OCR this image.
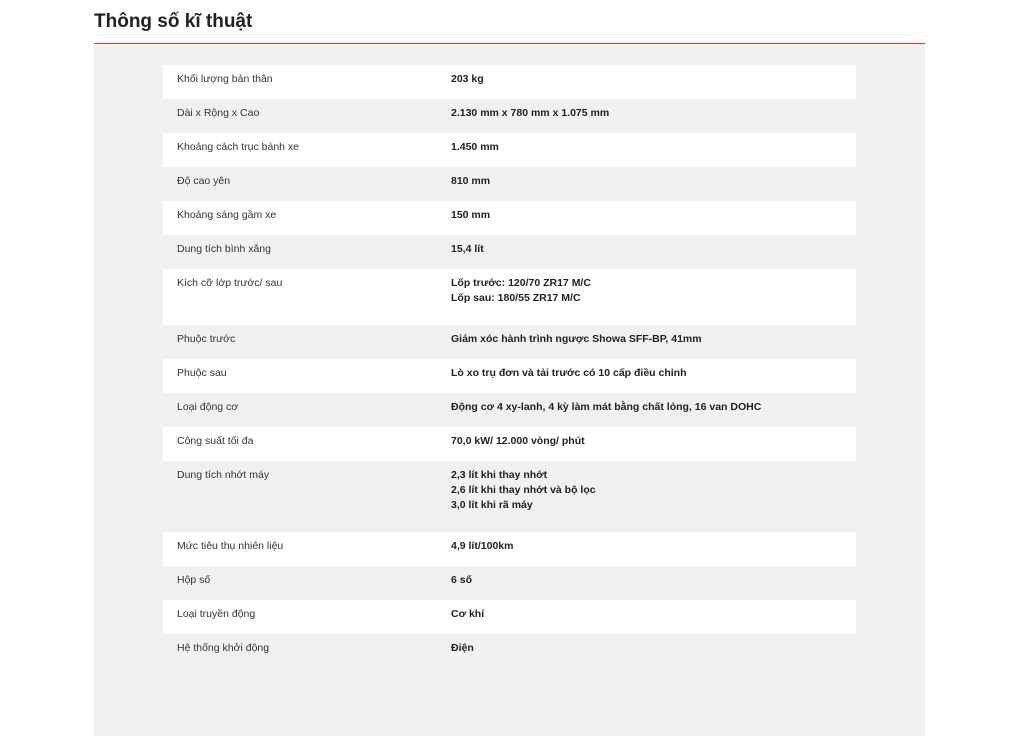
Thông số kĩ thuật
Khối lượng bản thân	203 kg
Dài x Rộng x Cao	2.130 mm x 780 mm x 1.075 mm
Khoảng cách trục bánh xe	1.450 mm
Độ cao yên	810 mm
Khoảng sáng gầm xe	150 mm
Dung tích bình xăng	15,4 lít
Kích cỡ lớp trước/ sau	Lốp trước: 120/70 ZR17 M/C
Lốp sau: 180/55 ZR17 M/C
Phuộc trước	Giảm xóc hành trình ngược Showa SFF-BP, 41mm
Phuộc sau	Lò xo trụ đơn và tải trước có 10 cấp điều chỉnh
Loại động cơ	Động cơ 4 xy-lanh, 4 kỳ làm mát bằng chất lỏng, 16 van DOHC
Công suất tối đa	70,0 kW/ 12.000 vòng/ phút
Dung tích nhớt máy	2,3 lít khi thay nhớt
2,6 lít khi thay nhớt và bộ lọc
3,0 lít khi rã máy
Mức tiêu thụ nhiên liệu	4,9 lít/100km
Hộp số	6 số
Loại truyền động	Cơ khí
Hệ thống khởi động	Điện
